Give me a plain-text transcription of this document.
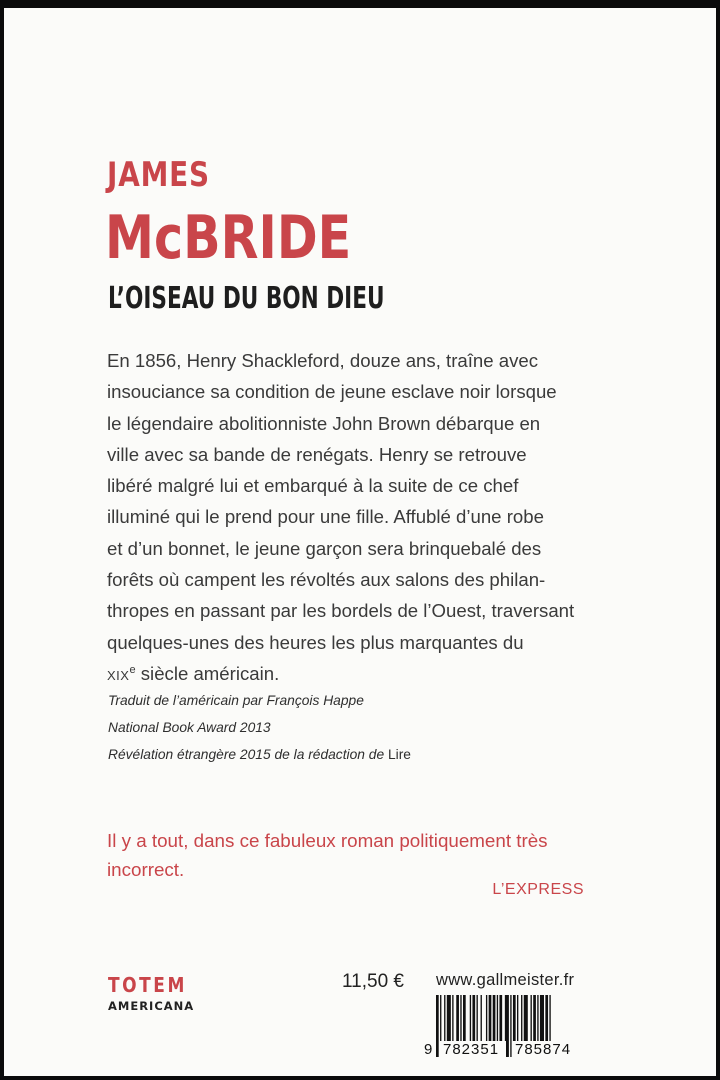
JAMES
McBRIDE
L’OISEAU DU BON DIEU
En 1856, Henry Shackleford, douze ans, traîne avec
insouciance sa condition de jeune esclave noir lorsque
le légendaire abolitionniste John Brown débarque en
ville avec sa bande de renégats. Henry se retrouve
libéré malgré lui et embarqué à la suite de ce chef
illuminé qui le prend pour une fille. Affublé d’une robe
et d’un bonnet, le jeune garçon sera brinquebalé des
forêts où campent les révoltés aux salons des philan-
thropes en passant par les bordels de l’Ouest, traversant
quelques-unes des heures les plus marquantes du
XIXe siècle américain.
Traduit de l’américain par François Happe
National Book Award 2013
Révélation étrangère 2015 de la rédaction de Lire
Il y a tout, dans ce fabuleux roman politiquement très incorrect.
L’EXPRESS
TOTEM
AMERICANA
11,50 € www.gallmeister.fr
9 782351 785874
